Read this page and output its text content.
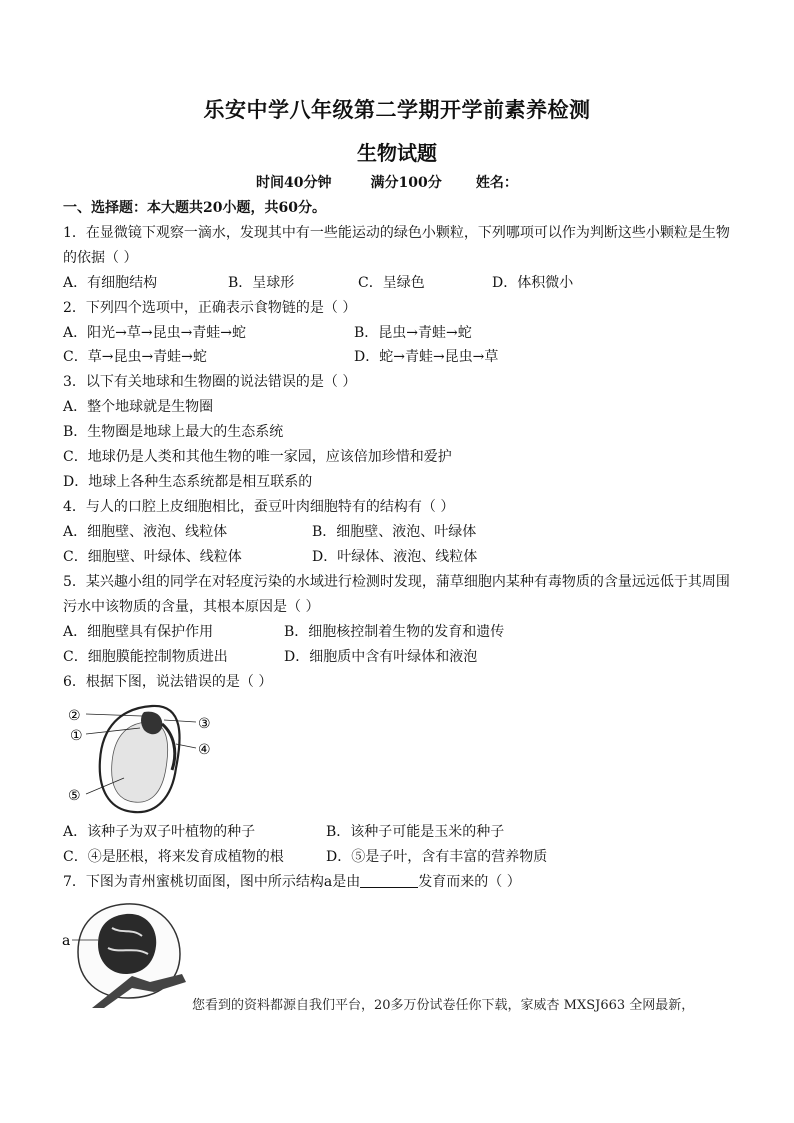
乐安中学八年级第二学期开学前素养检测
生物试题
时间40分钟	满分100分 姓名：
一、选择题：本大题共20小题，共60分。
1．在显微镜下观察一滴水，发现其中有一些能运动的绿色小颗粒，下列哪项可以作为判断这些小颗粒是生物
的依据（ ）
A．有细胞结构	B．呈球形	C．呈绿色	D．体积微小
2．下列四个选项中，正确表示食物链的是（ ）
A．阳光→草→昆虫→青蛙→蛇	B．昆虫→青蛙→蛇
C．草→昆虫→青蛙→蛇	D．蛇→青蛙→昆虫→草
3．以下有关地球和生物圈的说法错误的是（ ）
A．整个地球就是生物圈
B．生物圈是地球上最大的生态系统
C．地球仍是人类和其他生物的唯一家园，应该倍加珍惜和爱护
D．地球上各种生态系统都是相互联系的
4．与人的口腔上皮细胞相比，蚕豆叶肉细胞特有的结构有（ ）
A．细胞壁、液泡、线粒体	B．细胞壁、液泡、叶绿体
C．细胞壁、叶绿体、线粒体	D．叶绿体、液泡、线粒体
5．某兴趣小组的同学在对轻度污染的水域进行检测时发现，蒲草细胞内某种有毒物质的含量远远低于其周围
污水中该物质的含量，其根本原因是（ ）
A．细胞壁具有保护作用	B．细胞核控制着生物的发育和遗传
C．细胞膜能控制物质进出	D．细胞质中含有叶绿体和液泡
6．根据下图，说法错误的是（ ）
②
①
⑤
③
④
A．该种子为双子叶植物的种子	B．该种子可能是玉米的种子
C．④是胚根，将来发育成植物的根	D．⑤是子叶，含有丰富的营养物质
7．下图为青州蜜桃切面图，图中所示结构a是由	发育而来的（ ）
a
您看到的资料都源自我们平台，20多万份试卷任你下载，家威杏 MXSJ663 全网最新，
